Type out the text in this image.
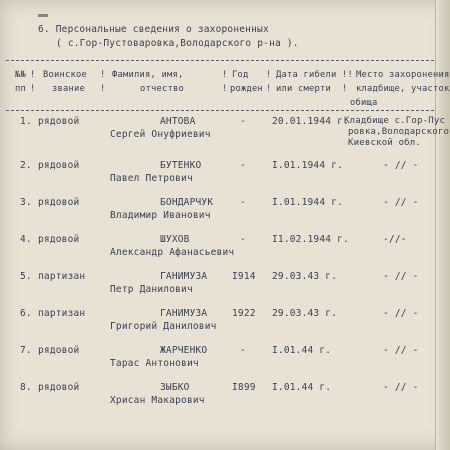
6. Персональные сведения о захороненных
( с.Гор-Пустоваровка,Володарского р-на ).
№№ ! Воинское ! Фамилия, имя,	! Год ! Дата гибели !! Место захоронения
пп ! звание !	отчество	! рожден ! или смерти ! кладбище, участок
обища
1. рядовой	АНТОВА
Сергей Онуфриевич
-	20.01.1944 г.
Кладбище с.Гор-Пус
ровка,Володарского
Киевской обл.
2. рядовой	БУТЕНКО
Павел Петрович
-	I.01.1944 г.	- // -
3. рядовой	БОНДАРЧУК
Владимир Иванович
-	I.01.1944 г.	- // -
4. рядовой	ШУХОВ
Александр Афанасьевич
-	I1.02.1944 г.	-//-
5. партизан	ГАНИМУЗА
Петр Данилович
I914 29.03.43 г.	- // -
6. партизан	ГАНИМУЗА
Григорий Данилович
1922 29.03.43 г.	- // -
7. рядовой	ЖАРЧЕНКО
Тарас Антонович
-	I.01.44 г.	- // -
8. рядовой	ЗЫБКО
Хрисан Макарович
I899 I.01.44 г.	- // -
